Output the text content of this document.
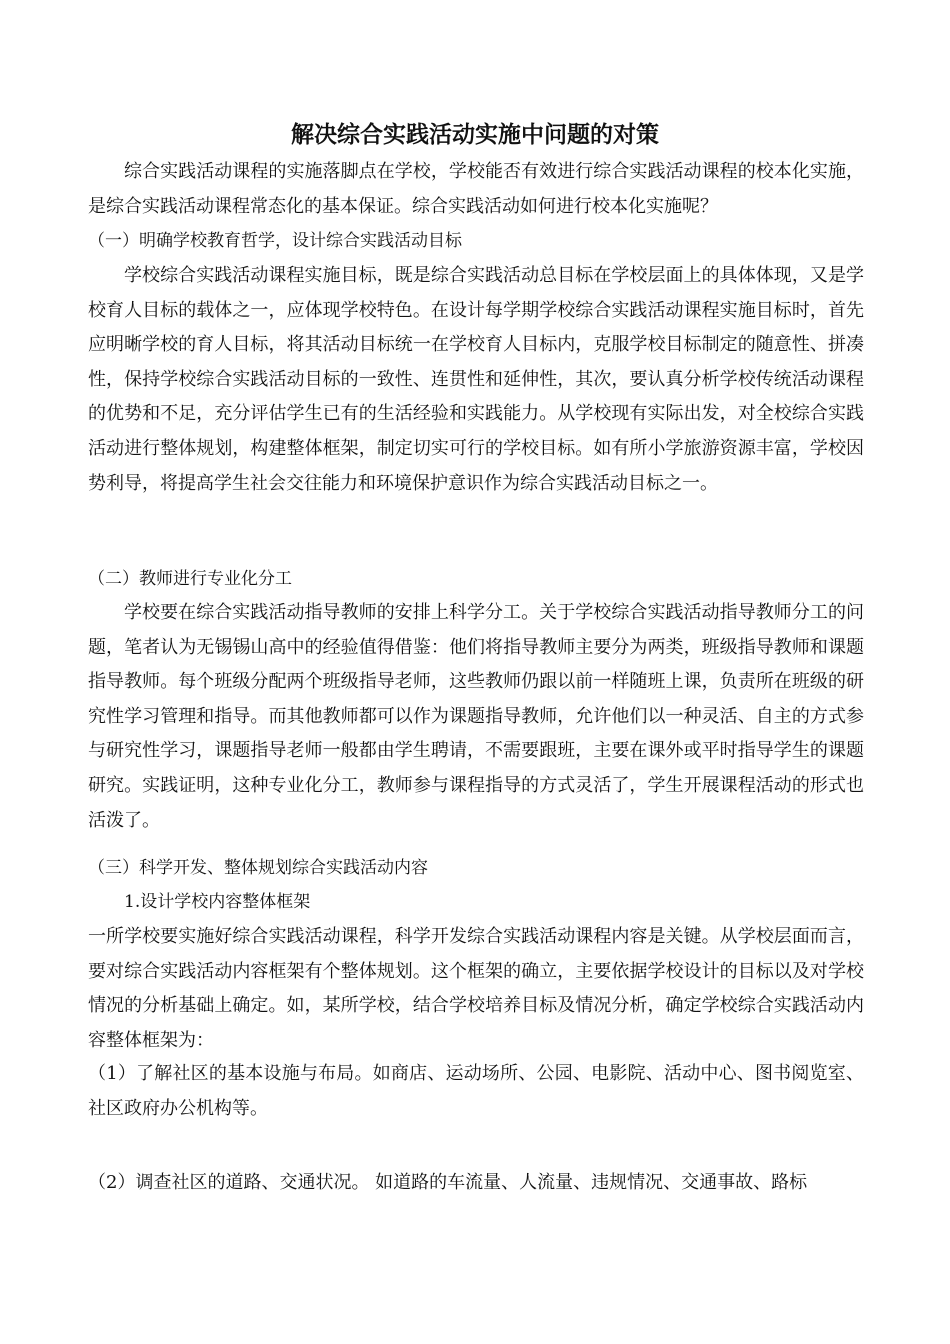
解决综合实践活动实施中问题的对策

综合实践活动课程的实施落脚点在学校，学校能否有效进行综合实践活动课程的校本化实施，是综合实践活动课程常态化的基本保证。综合实践活动如何进行校本化实施呢？

（一）明确学校教育哲学，设计综合实践活动目标

学校综合实践活动课程实施目标，既是综合实践活动总目标在学校层面上的具体体现，又是学校育人目标的载体之一，应体现学校特色。在设计每学期学校综合实践活动课程实施目标时，首先应明晰学校的育人目标，将其活动目标统一在学校育人目标内，克服学校目标制定的随意性、拼凑性，保持学校综合实践活动目标的一致性、连贯性和延伸性，其次，要认真分析学校传统活动课程的优势和不足，充分评估学生已有的生活经验和实践能力。从学校现有实际出发，对全校综合实践活动进行整体规划，构建整体框架，制定切实可行的学校目标。如有所小学旅游资源丰富，学校因势利导，将提高学生社会交往能力和环境保护意识作为综合实践活动目标之一。

（二）教师进行专业化分工

学校要在综合实践活动指导教师的安排上科学分工。关于学校综合实践活动指导教师分工的问题，笔者认为无锡锡山高中的经验值得借鉴：他们将指导教师主要分为两类，班级指导教师和课题指导教师。每个班级分配两个班级指导老师，这些教师仍跟以前一样随班上课，负责所在班级的研究性学习管理和指导。而其他教师都可以作为课题指导教师，允许他们以一种灵活、自主的方式参与研究性学习，课题指导老师一般都由学生聘请，不需要跟班，主要在课外或平时指导学生的课题研究。实践证明，这种专业化分工，教师参与课程指导的方式灵活了，学生开展课程活动的形式也活泼了。

（三）科学开发、整体规划综合实践活动内容

1.设计学校内容整体框架

一所学校要实施好综合实践活动课程，科学开发综合实践活动课程内容是关键。从学校层面而言，要对综合实践活动内容框架有个整体规划。这个框架的确立，主要依据学校设计的目标以及对学校情况的分析基础上确定。如，某所学校，结合学校培养目标及情况分析，确定学校综合实践活动内容整体框架为：

（1）了解社区的基本设施与布局。如商店、运动场所、公园、电影院、活动中心、图书阅览室、社区政府办公机构等。

（2）调查社区的道路、交通状况。 如道路的车流量、人流量、违规情况、交通事故、路标
